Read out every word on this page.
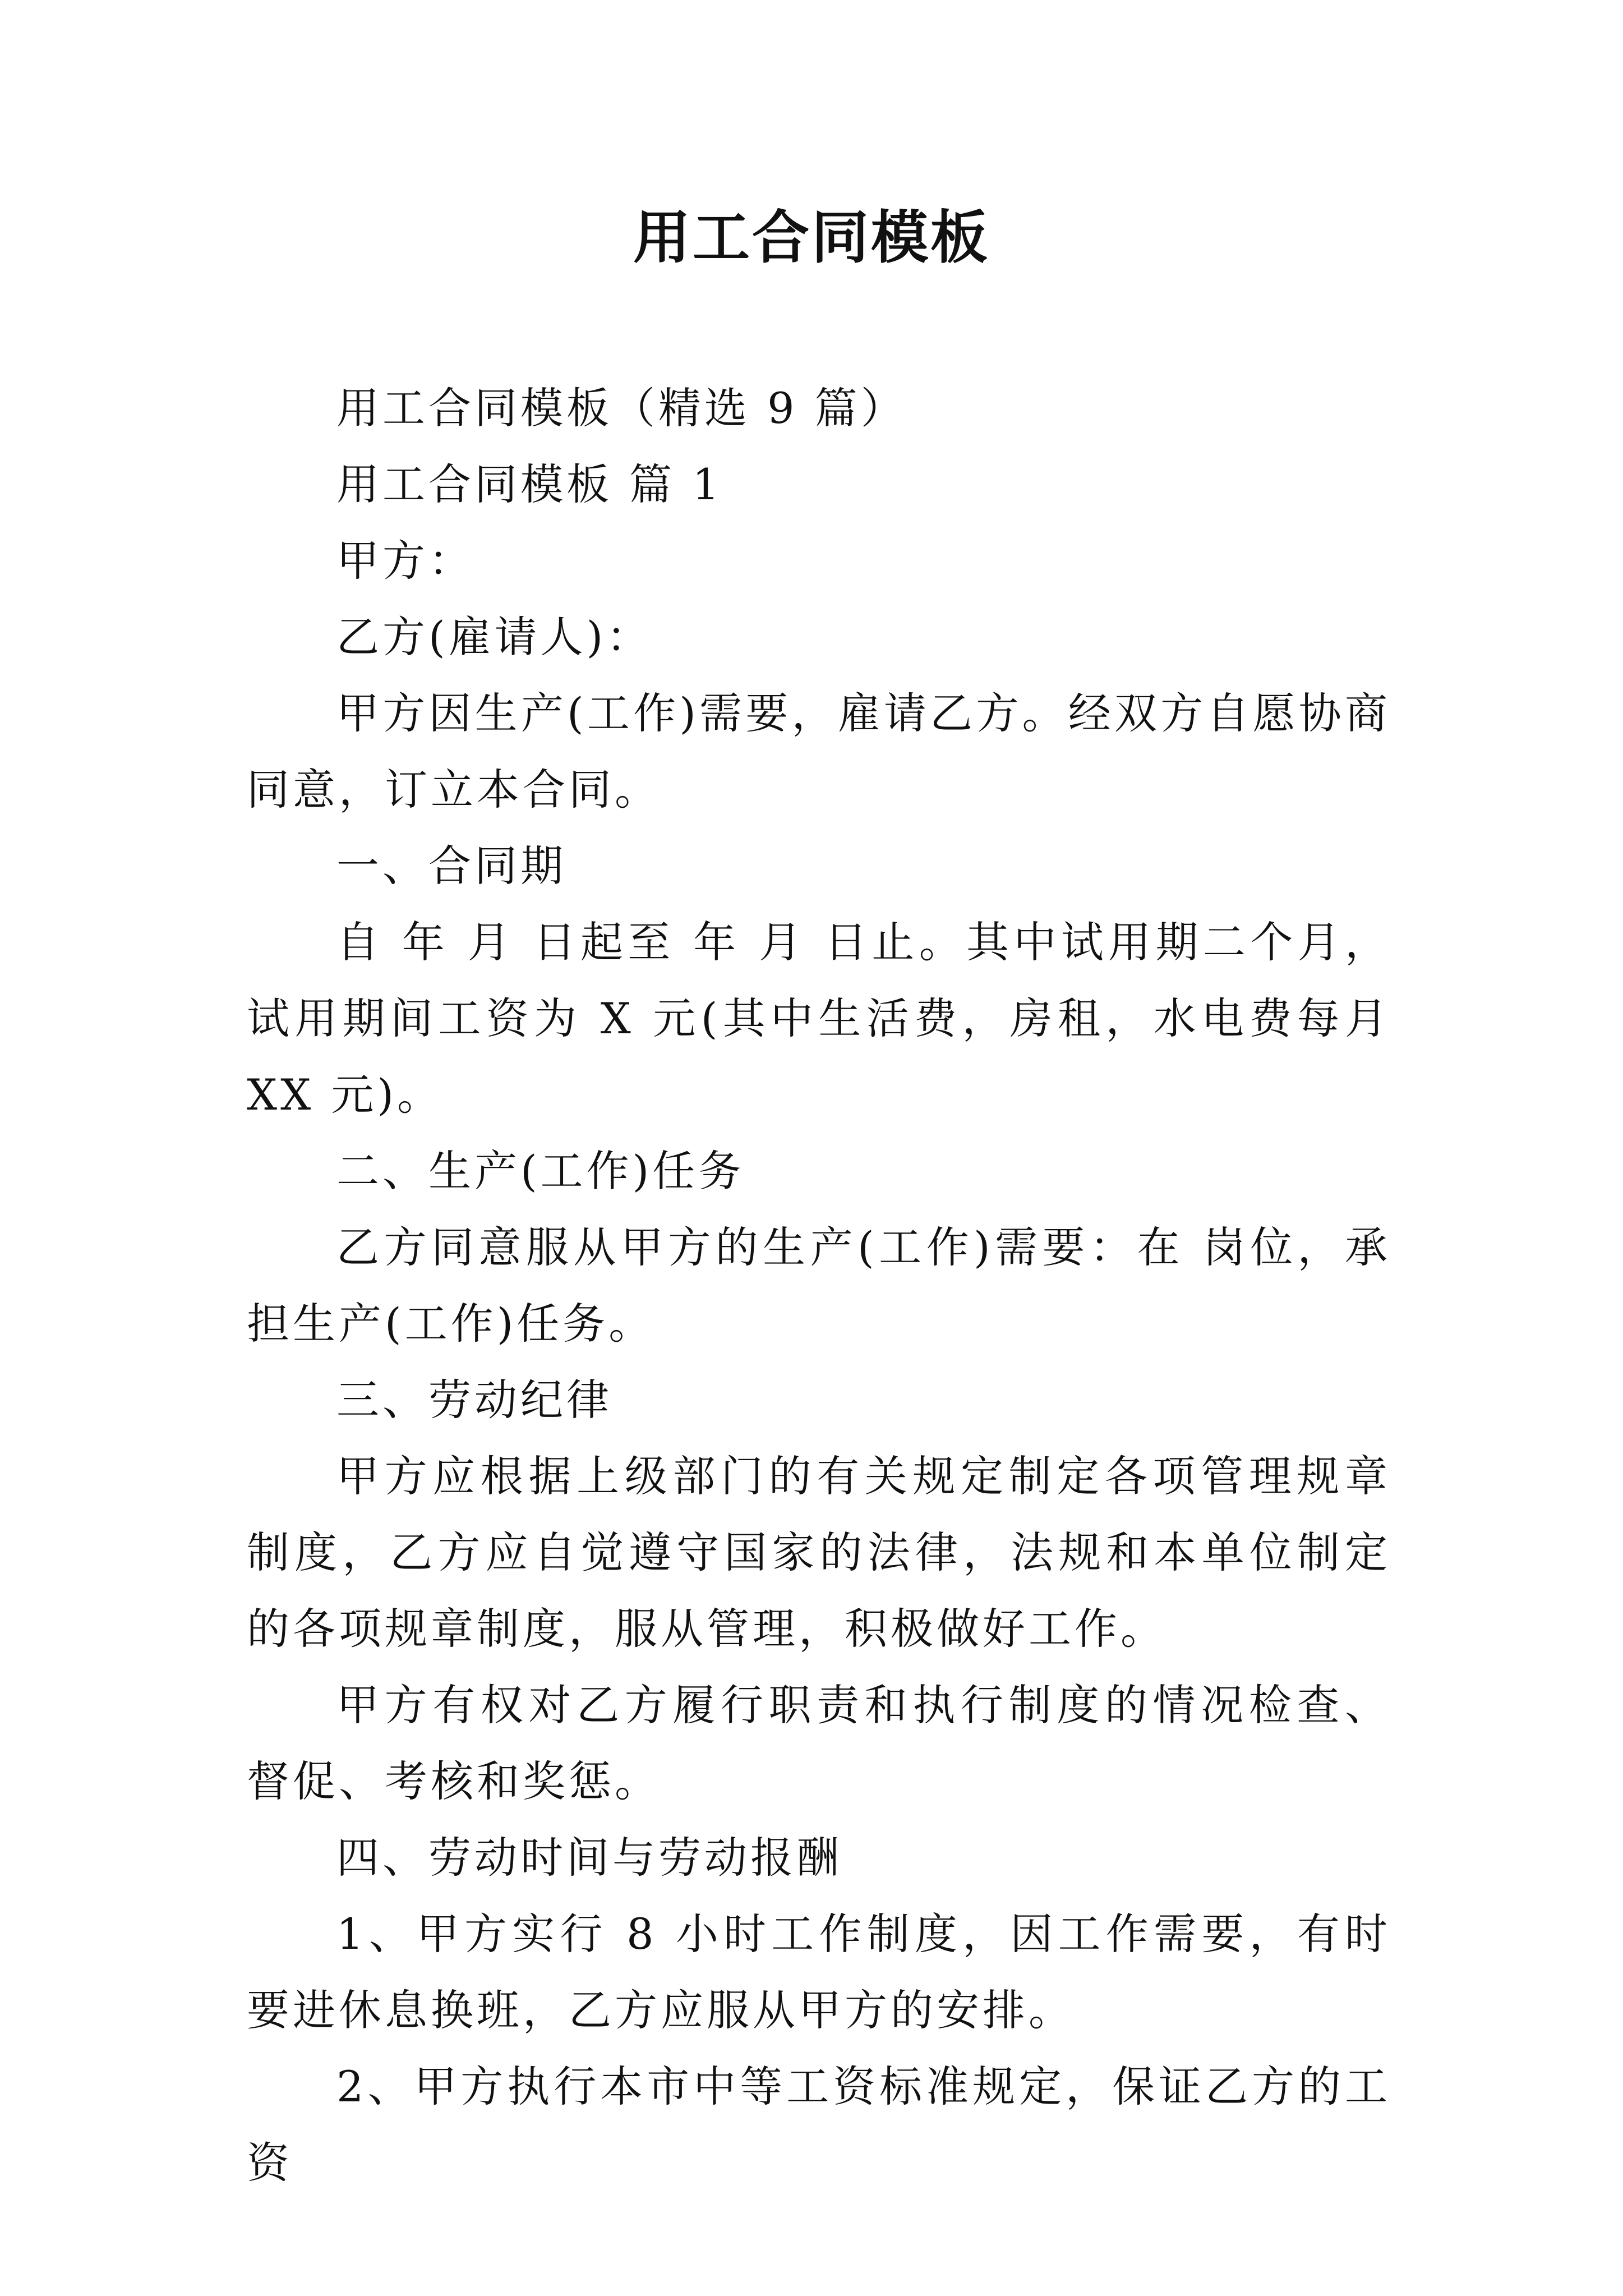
用工合同模板

用工合同模板（精选 9 篇）

用工合同模板 篇 1

甲方：

乙方(雇请人)：

甲方因生产(工作)需要，雇请乙方。经双方自愿协商同意，订立本合同。

一、合同期

自 年 月 日起至 年 月 日止。其中试用期二个月，试用期间工资为 X 元(其中生活费，房租，水电费每月 XX 元)。

二、生产(工作)任务

乙方同意服从甲方的生产(工作)需要：在 岗位，承担生产(工作)任务。

三、劳动纪律

甲方应根据上级部门的有关规定制定各项管理规章制度，乙方应自觉遵守国家的法律，法规和本单位制定的各项规章制度，服从管理，积极做好工作。

甲方有权对乙方履行职责和执行制度的情况检查、督促、考核和奖惩。

四、劳动时间与劳动报酬

1、甲方实行 8 小时工作制度，因工作需要，有时要进休息换班，乙方应服从甲方的安排。

2、甲方执行本市中等工资标准规定，保证乙方的工资
